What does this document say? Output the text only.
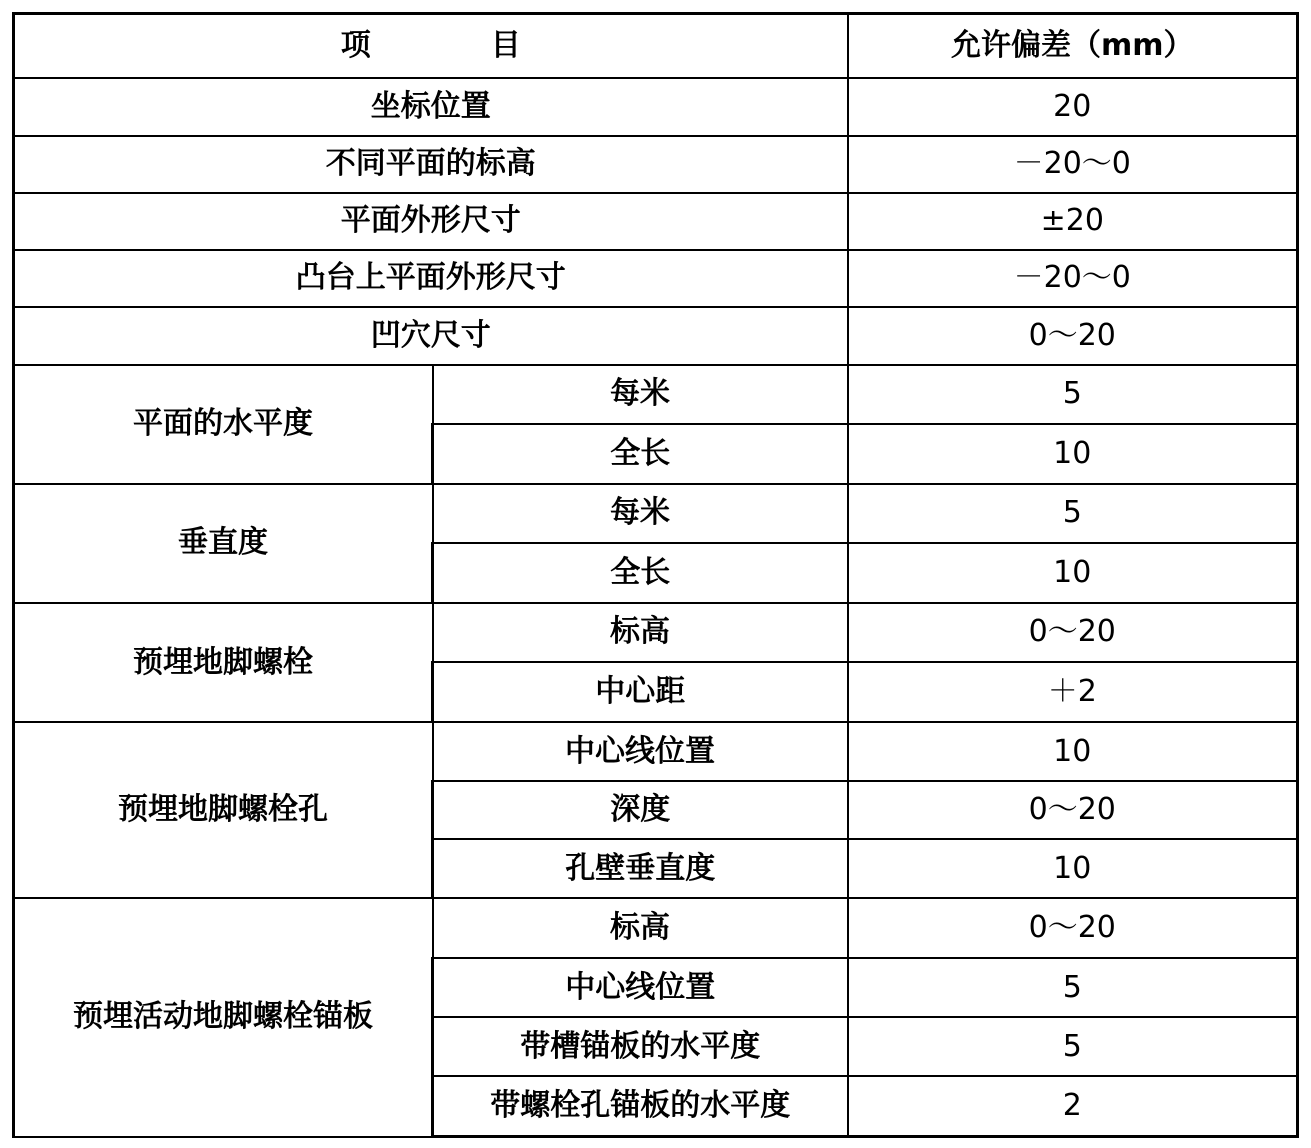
项 目		允许偏差（mm）
坐标位置		20
不同平面的标高		－20～0
平面外形尺寸		±20
凸台上平面外形尺寸		－20～0
凹穴尺寸		0～20
平面的水平度	每米	5
	全长	10
垂直度	每米	5
	全长	10
预埋地脚螺栓	标高	0～20
	中心距	＋2
预埋地脚螺栓孔	中心线位置	10
	深度	0～20
	孔壁垂直度	10
预埋活动地脚螺栓锚板	标高	0～20
	中心线位置	5
	带槽锚板的水平度	5
	带螺栓孔锚板的水平度	2
